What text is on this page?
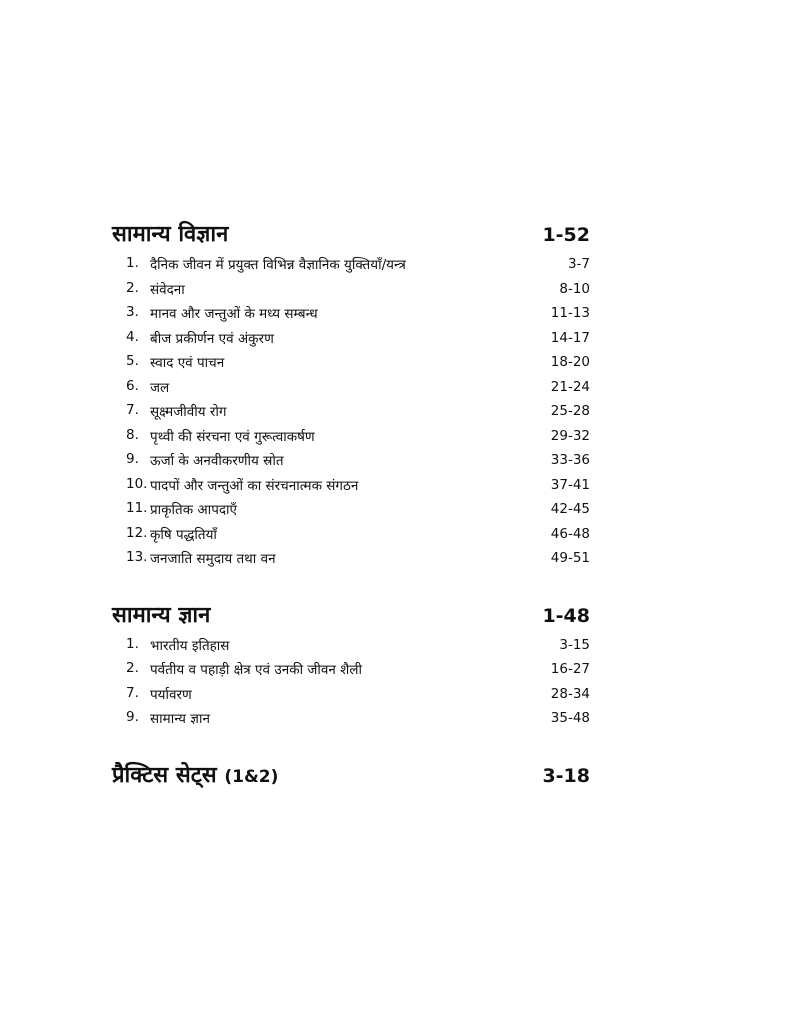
सामान्य विज्ञान	1-52
1. दैनिक जीवन में प्रयुक्त विभिन्न वैज्ञानिक युक्तियाँ/यन्त्र	3-7
2. संवेदना	8-10
3. मानव और जन्तुओं के मध्य सम्बन्ध	11-13
4. बीज प्रकीर्णन एवं अंकुरण	14-17
5. स्वाद एवं पाचन	18-20
6. जल	21-24
7. सूक्ष्मजीवीय रोग	25-28
8. पृथ्वी की संरचना एवं गुरूत्वाकर्षण	29-32
9. ऊर्जा के अनवीकरणीय स्रोत	33-36
10. पादपों और जन्तुओं का संरचनात्मक संगठन	37-41
11. प्राकृतिक आपदाएँ	42-45
12. कृषि पद्धतियाँ	46-48
13. जनजाति समुदाय तथा वन	49-51
सामान्य ज्ञान	1-48
1. भारतीय इतिहास	3-15
2. पर्वतीय व पहाड़ी क्षेत्र एवं उनकी जीवन शैली	16-27
7. पर्यावरण	28-34
9. सामान्य ज्ञान	35-48
प्रैक्टिस सेट्स (1&2)	3-18
